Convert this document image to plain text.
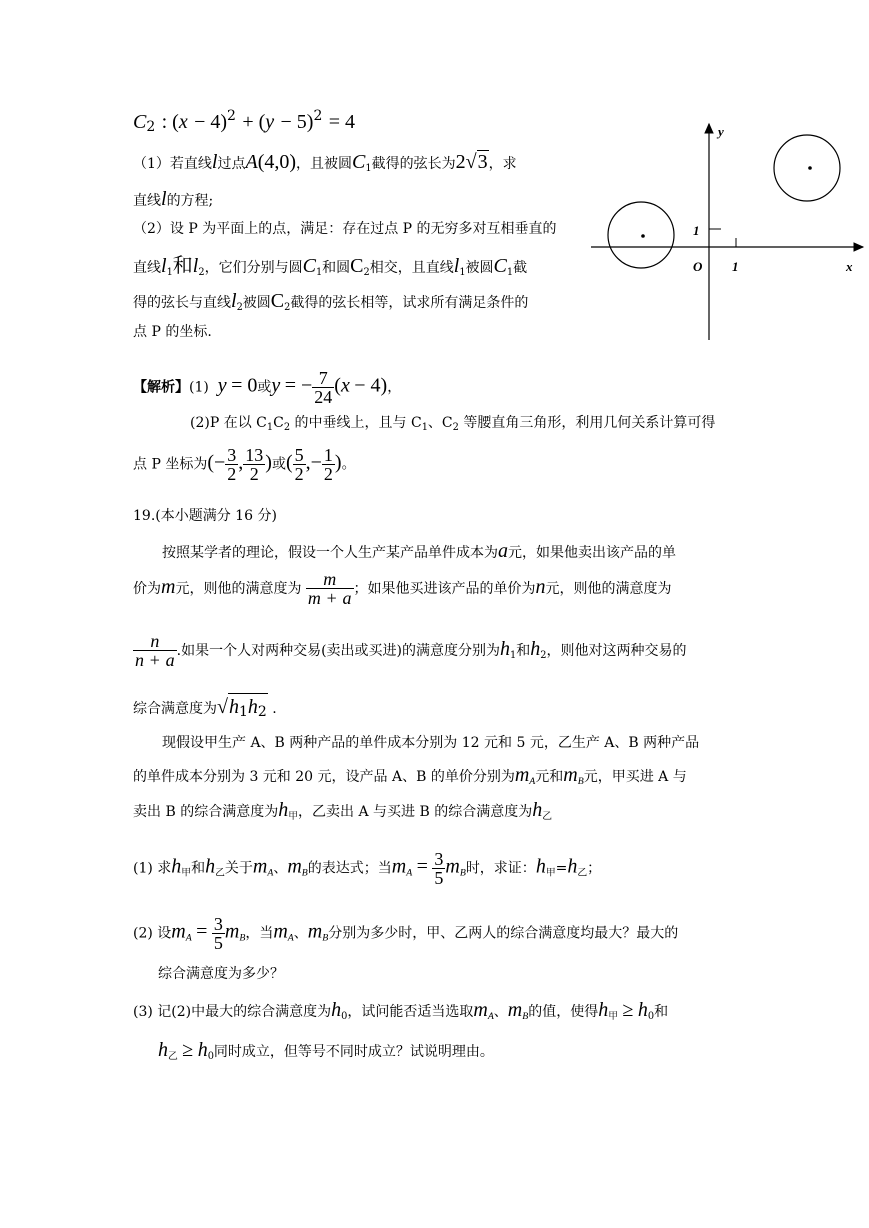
$C_2$ : $(x - 4)^2 + (y - 5)^2 = 4$
（1）若直线l过点A(4,0)，且被圆$C_1$截得的弦长为2√3，求
直线l的方程;
（2）设 P 为平面上的点，满足：存在过点 P 的无穷多对互相垂直的
直线$l_1$和$l_2$，它们分别与圆$C_1$和圆$C_2$相交，且直线$l_1$被圆$C_1$截
得的弦长与直线$l_2$被圆$C_2$截得的弦长相等，试求所有满足条件的
点 P 的坐标.
y
x
O 1
1
【解析】(1)  y = 0或y = − $\frac{7}{24} (x - 4)$，
(2)P 在以 $C_1C_2$ 的中垂线上，且与 $C_1$、$C_2$ 等腰直角三角形，利用几何关系计算可得
点 P 坐标为(− $\frac{3}{2}$ , $\frac{13}{2}$ )或( $\frac{5}{2}$ ,− $\frac{1}{2}$ )。
19.(本小题满分 16 分)
按照某学者的理论，假设一个人生产某产品单件成本为a元，如果他卖出该产品的单
价为m元，则他的满意度为 $\frac{m}{m + a}$ ；如果他买进该产品的单价为n元，则他的满意度为
$\frac{n}{n + a}$ .如果一个人对两种交易(卖出或买进)的满意度分别为$h_1$和$h_2$，则他对这两种交易的
综合满意度为$√h_1h_2$ .
现假设甲生产 A、B 两种产品的单件成本分别为 12 元和 5 元，乙生产 A、B 两种产品
的单件成本分别为 3 元和 20 元，设产品 A、B 的单价分别为$m_A$元和$m_B$元，甲买进 A 与
卖出 B 的综合满意度为$h_甲$，乙卖出 A 与买进 B 的综合满意度为$h_乙$
(1) 求$h_甲$和$h_乙$关于$m_A$、$m_B$的表达式；当$m_A = \frac{3}{5} m_B$时，求证：$h_甲=h_乙$；
(2) 设$m_A = \frac{3}{5} m_B$，当$m_A$、$m_B$分别为多少时，甲、乙两人的综合满意度均最大？最大的
综合满意度为多少？
(3) 记(2)中最大的综合满意度为$h_0$，试问能否适当选取$m_A$、$m_B$的值，使得$h_甲 \ge h_0$和
$h_乙 \ge h_0$同时成立，但等号不同时成立？试说明理由。
